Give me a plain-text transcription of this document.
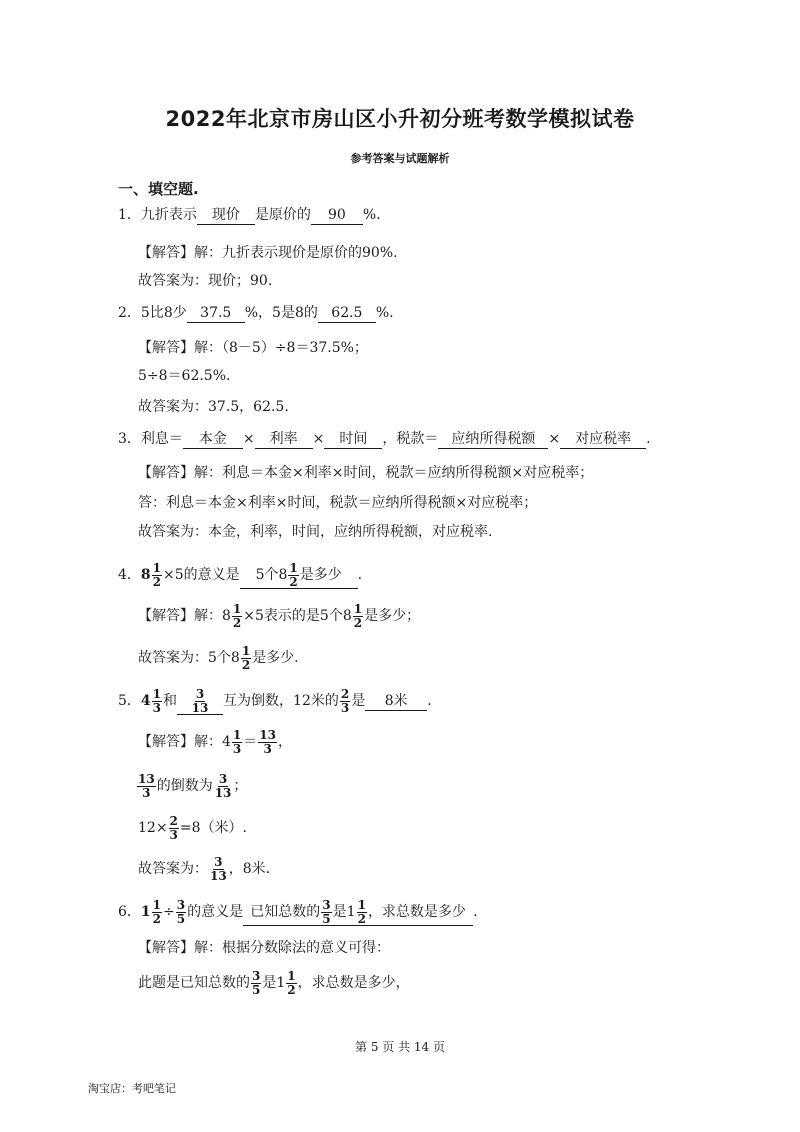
2022年北京市房山区小升初分班考数学模拟试卷
参考答案与试题解析
一、填空题.
1．九折表示 现价 是原价的 90 %.
【解答】解：九折表示现价是原价的90%.
故答案为：现价；90.
2．5比8少 37.5 %，5是8的 62.5 %.
【解答】解：（8－5）÷8＝37.5%；
5÷8＝62.5%.
故答案为：37.5，62.5.
3．利息＝ 本金 × 利率 × 时间 ，税款＝ 应纳所得税额 × 对应税率 .
【解答】解：利息＝本金×利率×时间，税款＝应纳所得税额×对应税率；
答：利息＝本金×利率×时间，税款＝应纳所得税额×对应税率；
故答案为：本金，利率，时间，应纳所得税额，对应税率.
4．$8 \frac{1}{2} \times 5$的意义是 5个$8 \frac{1}{2}$ 是多少 .
【解答】解：$8 \frac{1}{2} \times 5$表示的是5个$8 \frac{1}{2}$ 是多少；
故答案为：5个$8 \frac{1}{2}$ 是多少.
5．$4 \frac{1}{3}$ 和 $\frac{3}{13}$ 互为倒数，12米的 $\frac{2}{3}$ 是 8米 .
【解答】解：$4 \frac{1}{3} = \frac{13}{3}$ ，
$\frac{13}{3}$ 的倒数为 $\frac{3}{13}$ ；
$12\times \frac{2}{3} =8$（米）.
故答案为： $\frac{3}{13}$ ，8米.
6．$1 \frac{1}{2} \div \frac{3}{5}$ 的意义是 已知总数的 $\frac{3}{5}$ 是$1 \frac{1}{2}$ ，求总数是多少 .
【解答】解：根据分数除法的意义可得：
此题是已知总数的 $\frac{3}{5}$ 是$1 \frac{1}{2}$ ，求总数是多少，
第 5 页 共 14 页
淘宝店：考吧笔记
